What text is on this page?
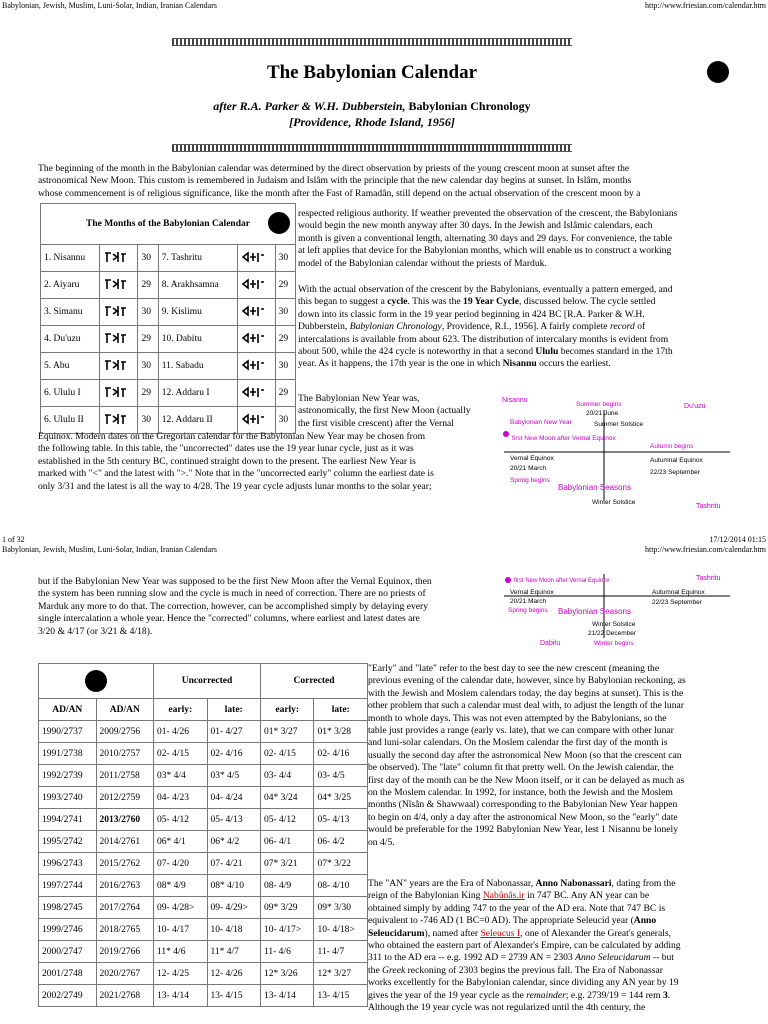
Babylonian, Jewish, Muslim, Luni-Solar, Indian, Iranian Calendars	http://www.friesian.com/calendar.htm
The Babylonian Calendar
after R.A. Parker & W.H. Dubberstein, Babylonian Chronology
[Providence, Rhode Island, 1956]
The beginning of the month in the Babylonian calendar was determined by the direct observation by priests of the young crescent moon at sunset after the
astronomical New Moon. This custom is remembered in Judaism and Islâm with the principle that the new calendar day begins at sunset. In Islâm, months
whose commencement is of religious significance, like the month after the Fast of Ramadân, still depend on the actual observation of the crescent moon by a
The Months of the Babylonian Calendar					

1. Nisannu		30	7. Tashritu		30
2. Aiyaru		29	8. Arakhsamna		29
3. Simanu		30	9. Kislimu		30
4. Du'uzu		29	10. Dabitu		29
5. Abu		30	11. Sabadu		30
6. Ululu I		29	12. Addaru I		29
6. Ululu II		30	12. Addaru II		30
respected religious authority. If weather prevented the observation of the crescent, the Babylonians
would begin the new month anyway after 30 days. In the Jewish and Islâmic calendars, each
month is given a conventional length, alternating 30 days and 29 days. For convenience, the table
at left applies that device for the Babylonian months, which will enable us to construct a working
model of the Babylonian calendar without the priests of Marduk.
With the actual observation of the crescent by the Babylonians, eventually a pattern emerged, and
this began to suggest a cycle. This was the 19 Year Cycle, discussed below. The cycle settled
down into its classic form in the 19 year period beginning in 424 BC [R.A. Parker & W.H.
Dubberstein, Babylonian Chronology, Providence, R.I., 1956]. A fairly complete record of
intercalations is available from about 623. The distribution of intercalary months is evident from
about 500, while the 424 cycle is noteworthy in that a second Ululu becomes standard in the 17th
year. As it happens, the 17th year is the one in which Nisannu occurs the earliest.
The Babylonian New Year was,
astronomically, the first New Moon (actually
the first visible crescent) after the Vernal
Equinox. Modern dates on the Gregorian calendar for the Babylonian New Year may be chosen from
the following table. In this table, the "uncorrected" dates use the 19 year lunar cycle, just as it was
established in the 5th century BC, continued straight down to the present. The earliest New Year is
marked with "<" and the latest with ">." Note that in the "uncorrected early" column the earliest date is
only 3/31 and the latest is all the way to 4/28. The 19 year cycle adjusts lunar months to the solar year;
Nisannu
Summer begins
20/21 June
Summer Solstice
Du'uzu
Babylonian New Year
first New Moon after Vernal Equinox
Vernal Equinox
20/21 March
Spring begins
Autumn begins
Autumnal Equinox
22/23 September
Babylonian Seasons
Winter Solstice
Tashritu
1 of 32	17/12/2014 01:15
Babylonian, Jewish, Muslim, Luni-Solar, Indian, Iranian Calendars	http://www.friesian.com/calendar.htm
but if the Babylonian New Year was supposed to be the first New Moon after the Vernal Equinox, then
the system has been running slow and the cycle is much in need of correction. There are no priests of
Marduk any more to do that. The correction, however, can be accomplished simply by delaying every
single intercalation a whole year. Hence the "corrected" columns, where earliest and latest dates are
3/20 & 4/17 (or 3/21 & 4/18).
first New Moon after Vernal Equinox
Vernal Equinox
20/21 March
Spring begins
Autumnal Equinox
22/23 September
Babylonian Seasons
Winter Solstice
21/22 December
Winter begins
Dabitu
Tashritu
		Uncorrected		Corrected	
AD/AN	AD/AN	early:	late:	early:	late:
1990/2737	2009/2756	01- 4/26	01- 4/27	01* 3/27	01* 3/28
1991/2738	2010/2757	02- 4/15	02- 4/16	02- 4/15	02- 4/16
1992/2739	2011/2758	03* 4/4	03* 4/5	03- 4/4	03- 4/5
1993/2740	2012/2759	04- 4/23	04- 4/24	04* 3/24	04* 3/25
1994/2741	2013/2760	05- 4/12	05- 4/13	05- 4/12	05- 4/13
1995/2742	2014/2761	06* 4/1	06* 4/2	06- 4/1	06- 4/2
1996/2743	2015/2762	07- 4/20	07- 4/21	07* 3/21	07* 3/22
1997/2744	2016/2763	08* 4/9	08* 4/10	08- 4/9	08- 4/10
1998/2745	2017/2764	09- 4/28>	09- 4/29>	09* 3/29	09* 3/30
1999/2746	2018/2765	10- 4/17	10- 4/18	10- 4/17>	10- 4/18>
2000/2747	2019/2766	11* 4/6	11* 4/7	11- 4/6	11- 4/7
2001/2748	2020/2767	12- 4/25	12- 4/26	12* 3/26	12* 3/27
2002/2749	2021/2768	13- 4/14	13- 4/15	13- 4/14	13- 4/15
"Early" and "late" refer to the best day to see the new crescent (meaning the
previous evening of the calendar date, however, since by Babylonian reckoning, as
with the Jewish and Moslem calendars today, the day begins at sunset). This is the
other problem that such a calendar must deal with, to adjust the length of the lunar
month to whole days. This was not even attempted by the Babylonians, so the
table just provides a range (early vs. late), that we can compare with other lunar
and luni-solar calendars. On the Moslem calendar the first day of the month is
usually the second day after the astronomical New Moon (so that the crescent can
be observed). The "late" column fit that pretty well. On the Jewish calendar, the
first day of the month can be the New Moon itself, or it can be delayed as much as
on the Moslem calendar. In 1992, for instance, both the Jewish and the Moslem
months (Nîsân & Shawwaal) corresponding to the Babylonian New Year happen
to begin on 4/4, only a day after the astronomical New Moon, so the "early" date
would be preferable for the 1992 Babylonian New Year, lest 1 Nisannu be lonely
on 4/5.
The "AN" years are the Era of Nabonassar, Anno Nabonassari, dating from the
reign of the Babylonian King Nabûnâs.ir in 747 BC. Any AN year can be
obtained simply by adding 747 to the year of the AD era. Note that 747 BC is
equivalent to -746 AD (1 BC=0 AD). The appropriate Seleucid year (Anno
Seleucidarum), named after Seleucus I, one of Alexander the Great's generals,
who obtained the eastern part of Alexander's Empire, can be calculated by adding
311 to the AD era -- e.g. 1992 AD = 2739 AN = 2303 Anno Seleucidarum -- but
the Greek reckoning of 2303 begins the previous fall. The Era of Nabonassar
works excellently for the Babylonian calendar, since dividing any AN year by 19
gives the year of the 19 year cycle as the remainder; e.g. 2739/19 = 144 rem 3.
Although the 19 year cycle was not regularized until the 4th century, the
